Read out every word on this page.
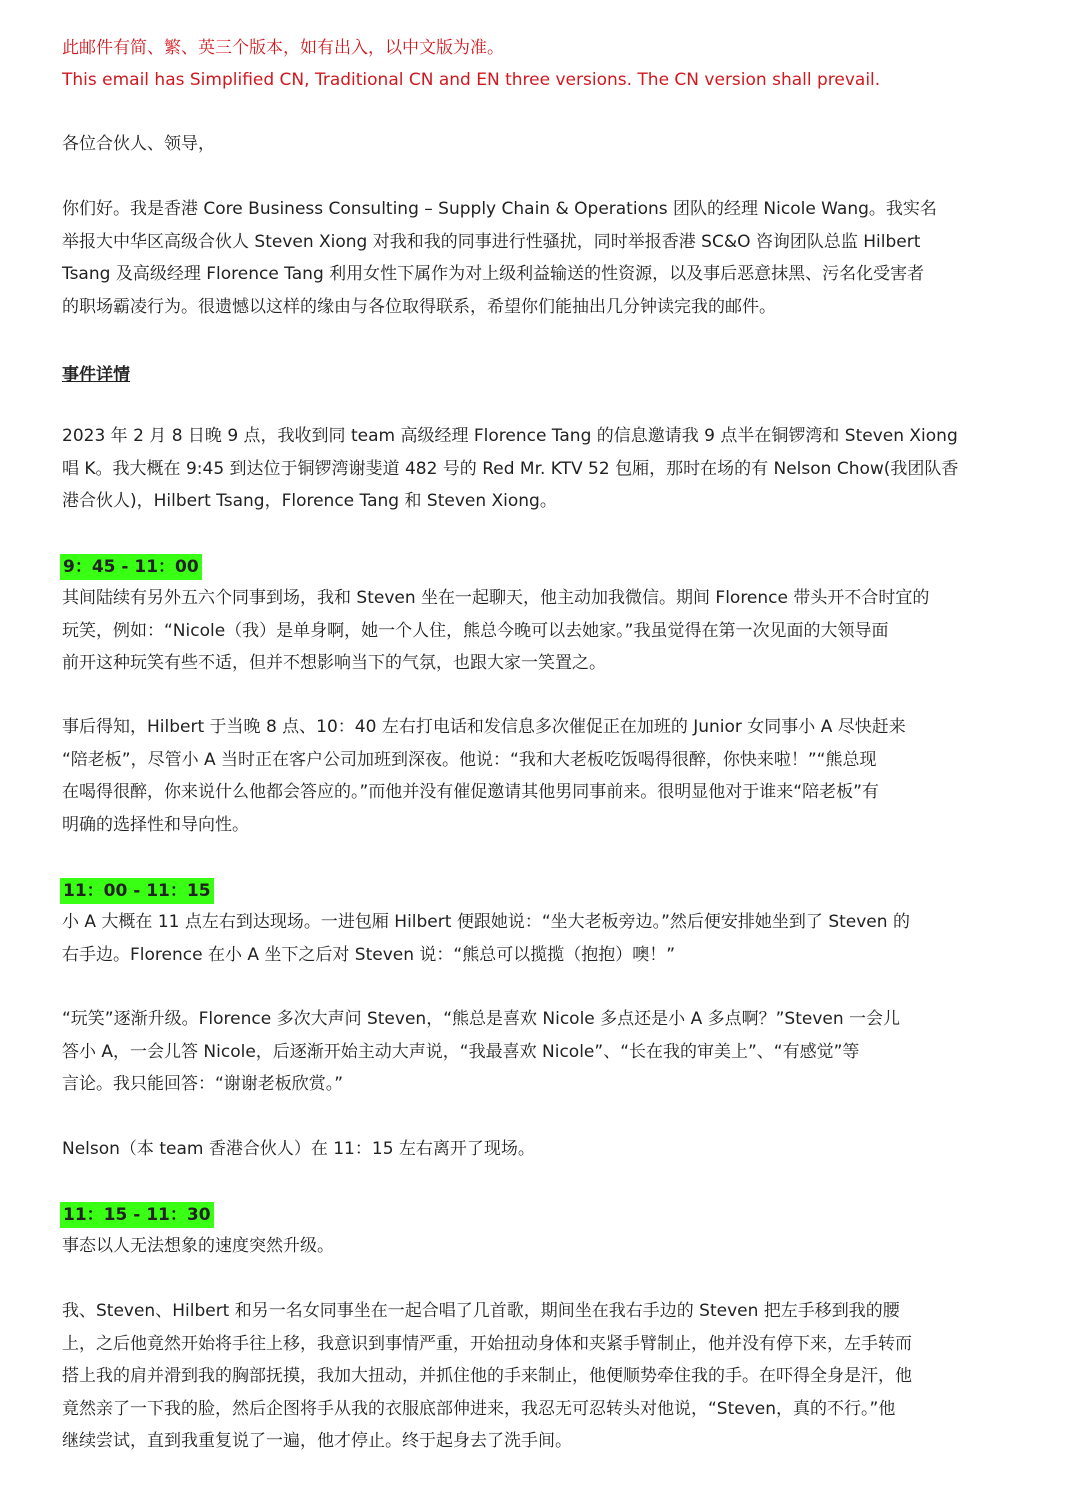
此邮件有简、繁、英三个版本，如有出入，以中文版为准。
This email has Simplified CN, Traditional CN and EN three versions. The CN version shall prevail.
各位合伙人、领导，
你们好。我是香港 Core Business Consulting – Supply Chain & Operations 团队的经理 Nicole Wang。我实名
举报大中华区高级合伙人 Steven Xiong 对我和我的同事进行性骚扰，同时举报香港 SC&O 咨询团队总监 Hilbert
Tsang 及高级经理 Florence Tang 利用女性下属作为对上级利益输送的性资源，以及事后恶意抹黑、污名化受害者
的职场霸凌行为。很遗憾以这样的缘由与各位取得联系，希望你们能抽出几分钟读完我的邮件。
事件详情
2023 年 2 月 8 日晚 9 点，我收到同 team 高级经理 Florence Tang 的信息邀请我 9 点半在铜锣湾和 Steven Xiong
唱 K。我大概在 9:45 到达位于铜锣湾谢斐道 482 号的 Red Mr. KTV 52 包厢，那时在场的有 Nelson Chow(我团队香
港合伙人)，Hilbert Tsang，Florence Tang 和 Steven Xiong。
9：45 - 11：00
其间陆续有另外五六个同事到场，我和 Steven 坐在一起聊天，他主动加我微信。期间 Florence 带头开不合时宜的
玩笑，例如：“Nicole（我）是单身啊，她一个人住，熊总今晚可以去她家。”我虽觉得在第一次见面的大领导面
前开这种玩笑有些不适，但并不想影响当下的气氛，也跟大家一笑置之。
事后得知，Hilbert 于当晚 8 点、10：40 左右打电话和发信息多次催促正在加班的 Junior 女同事小 A 尽快赶来
“陪老板”，尽管小 A 当时正在客户公司加班到深夜。他说：“我和大老板吃饭喝得很醉，你快来啦！”“熊总现
在喝得很醉，你来说什么他都会答应的。”而他并没有催促邀请其他男同事前来。很明显他对于谁来“陪老板”有
明确的选择性和导向性。
11：00 - 11：15
小 A 大概在 11 点左右到达现场。一进包厢 Hilbert 便跟她说：“坐大老板旁边。”然后便安排她坐到了 Steven 的
右手边。Florence 在小 A 坐下之后对 Steven 说：“熊总可以揽揽（抱抱）噢！”
“玩笑”逐渐升级。Florence 多次大声问 Steven，“熊总是喜欢 Nicole 多点还是小 A 多点啊？”Steven 一会儿
答小 A，一会儿答 Nicole，后逐渐开始主动大声说，“我最喜欢 Nicole”、“长在我的审美上”、“有感觉”等
言论。我只能回答：“谢谢老板欣赏。”
Nelson（本 team 香港合伙人）在 11：15 左右离开了现场。
11：15 - 11：30
事态以人无法想象的速度突然升级。
我、Steven、Hilbert 和另一名女同事坐在一起合唱了几首歌，期间坐在我右手边的 Steven 把左手移到我的腰
上，之后他竟然开始将手往上移，我意识到事情严重，开始扭动身体和夹紧手臂制止，他并没有停下来，左手转而
搭上我的肩并滑到我的胸部抚摸，我加大扭动，并抓住他的手来制止，他便顺势牵住我的手。在吓得全身是汗，他
竟然亲了一下我的脸，然后企图将手从我的衣服底部伸进来，我忍无可忍转头对他说，“Steven，真的不行。”他
继续尝试，直到我重复说了一遍，他才停止。终于起身去了洗手间。
